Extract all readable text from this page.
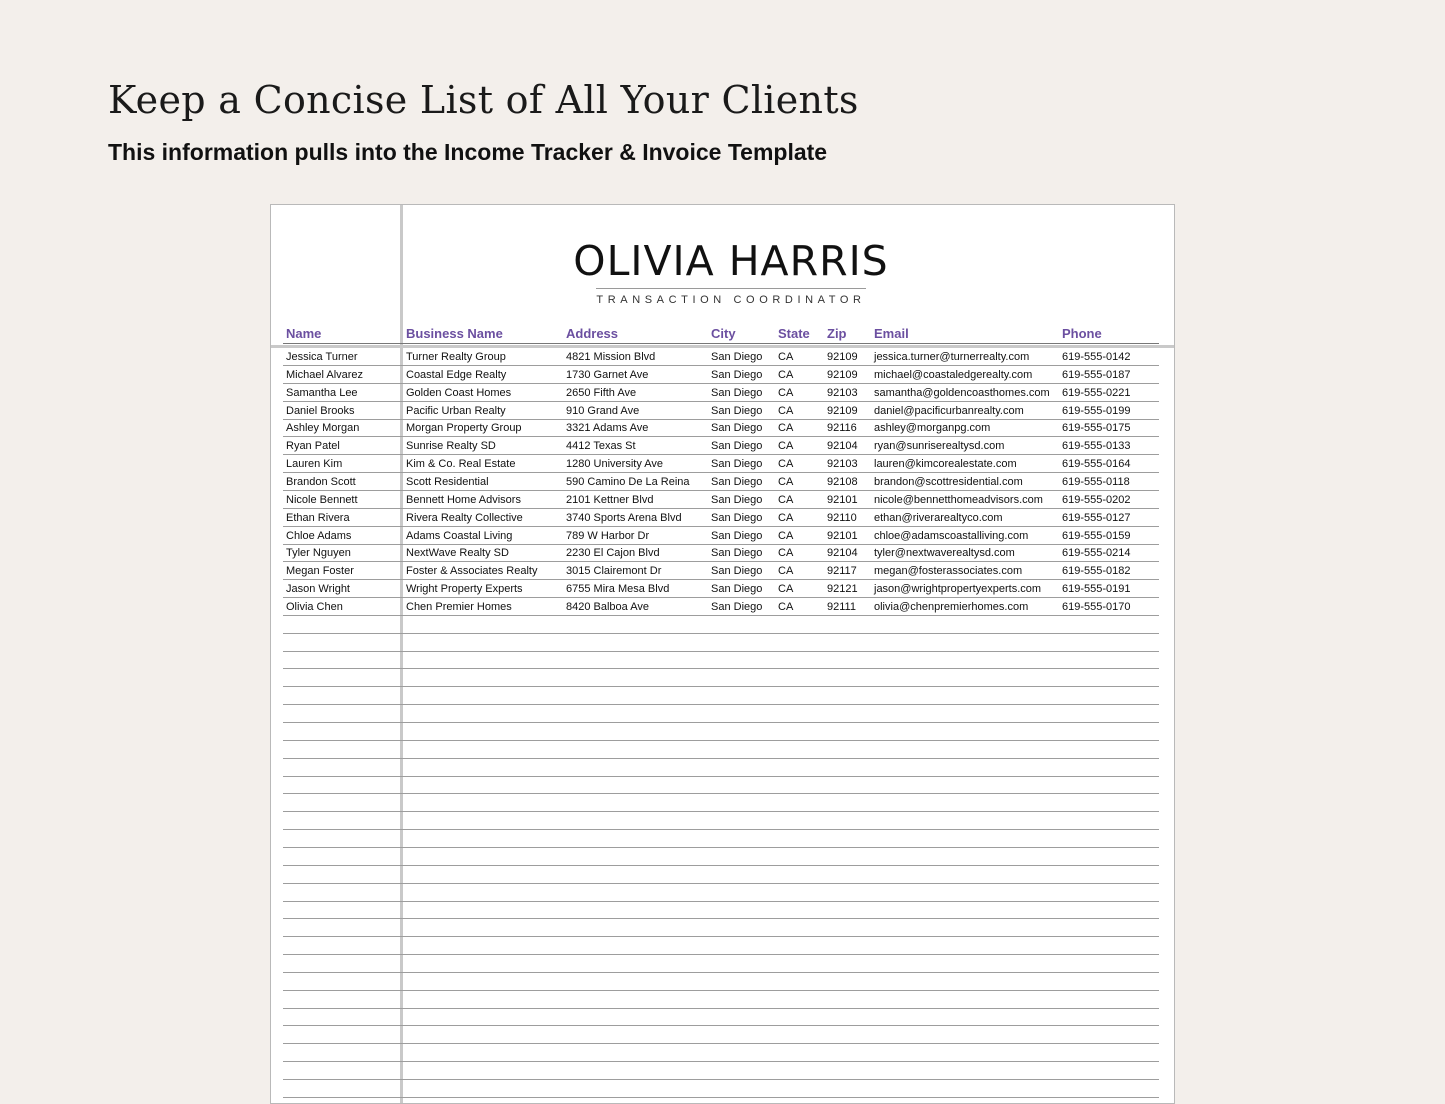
Keep a Concise List of All Your Clients
This information pulls into the Income Tracker & Invoice Template
OLIVIA HARRIS
TRANSACTION COORDINATOR
Name	Business Name	Address	City	State Zip Email	Phone
Jessica Turner	Turner Realty Group	4821 Mission Blvd	San Diego CA	92109 jessica.turner@turnerrealty.com	619-555-0142
Michael Alvarez	Coastal Edge Realty	1730 Garnet Ave	San Diego CA	92109 michael@coastaledgerealty.com	619-555-0187
Samantha Lee	Golden Coast Homes	2650 Fifth Ave	San Diego CA	92103 samantha@goldencoasthomes.com 619-555-0221
Daniel Brooks	Pacific Urban Realty	910 Grand Ave	San Diego CA	92109 daniel@pacificurbanrealty.com	619-555-0199
Ashley Morgan	Morgan Property Group	3321 Adams Ave	San Diego CA	92116 ashley@morganpg.com	619-555-0175
Ryan Patel	Sunrise Realty SD	4412 Texas St	San Diego CA	92104 ryan@sunriserealtysd.com	619-555-0133
Lauren Kim	Kim & Co. Real Estate	1280 University Ave	San Diego CA	92103 lauren@kimcorealestate.com	619-555-0164
Brandon Scott	Scott Residential	590 Camino De La Reina San Diego CA	92108 brandon@scottresidential.com	619-555-0118
Nicole Bennett	Bennett Home Advisors	2101 Kettner Blvd	San Diego CA	92101 nicole@bennetthomeadvisors.com 619-555-0202
Ethan Rivera	Rivera Realty Collective	3740 Sports Arena Blvd	San Diego CA	92110 ethan@riverarealtyco.com	619-555-0127
Chloe Adams	Adams Coastal Living	789 W Harbor Dr	San Diego CA	92101 chloe@adamscoastalliving.com	619-555-0159
Tyler Nguyen	NextWave Realty SD	2230 El Cajon Blvd	San Diego CA	92104 tyler@nextwaverealtysd.com	619-555-0214
Megan Foster	Foster & Associates Realty	3015 Clairemont Dr	San Diego CA	92117 megan@fosterassociates.com	619-555-0182
Jason Wright	Wright Property Experts	6755 Mira Mesa Blvd	San Diego CA	92121 jason@wrightpropertyexperts.com 619-555-0191
Olivia Chen	Chen Premier Homes	8420 Balboa Ave	San Diego CA	92111 olivia@chenpremierhomes.com	619-555-0170
